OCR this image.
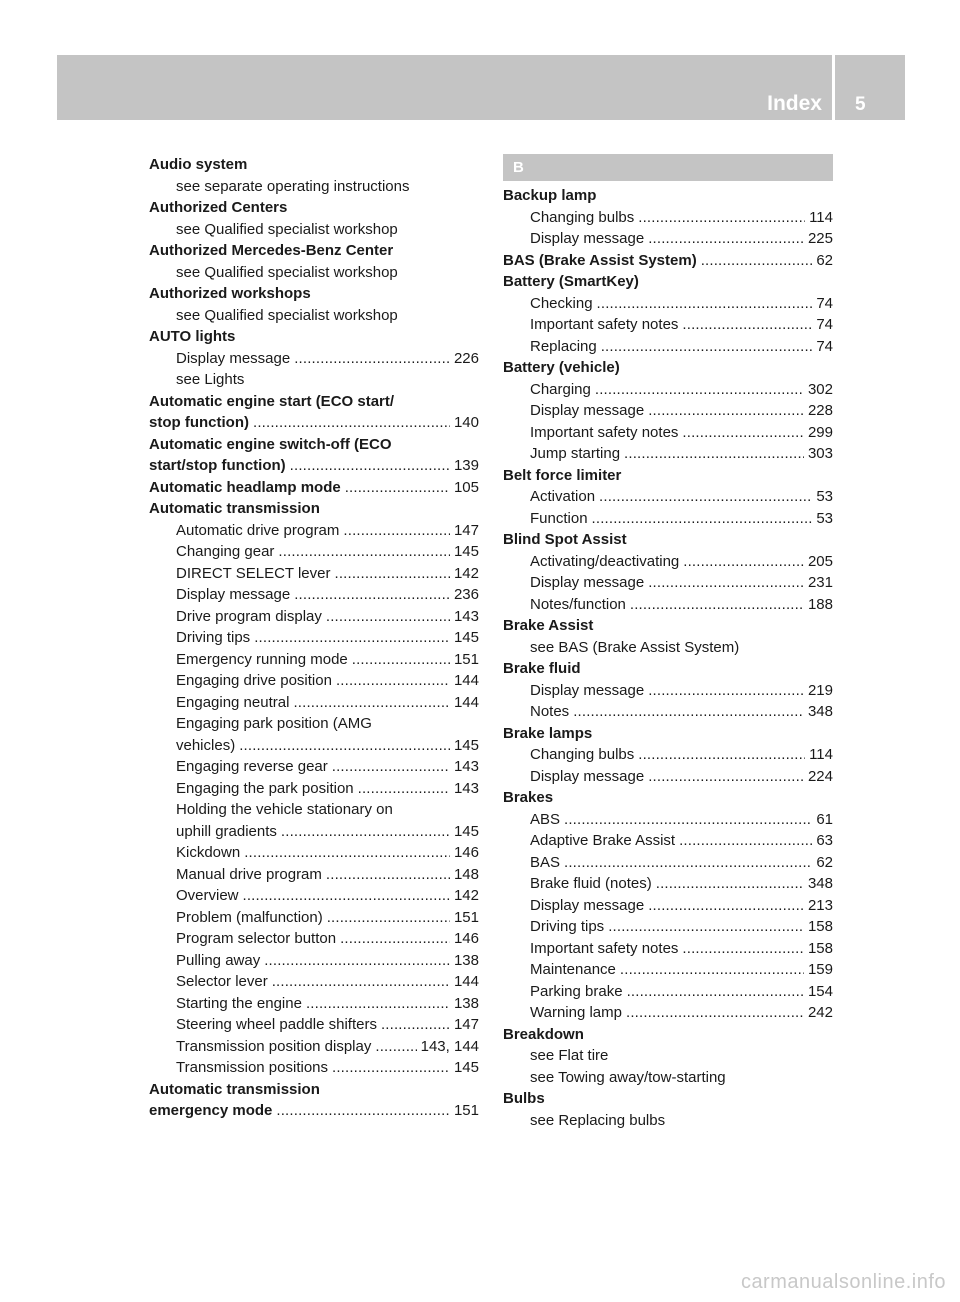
Index 5
Audio system
see separate operating instructions
Authorized Centers
see Qualified specialist workshop
Authorized Mercedes-Benz Center
see Qualified specialist workshop
Authorized workshops
see Qualified specialist workshop
AUTO lights
Display message . . .	226
see Lights
Automatic engine start (ECO start/
stop function) . . .	140
Automatic engine switch-off (ECO
start/stop function) . . .	139
Automatic headlamp mode . . .	105
Automatic transmission
Automatic drive program . . .	147
Changing gear . . .	145
DIRECT SELECT lever . . .	142
Display message . . .	236
Drive program display . . .	143
Driving tips . . .	145
Emergency running mode . . .	151
Engaging drive position . . .	144
Engaging neutral . . .	144
Engaging park position (AMG
vehicles) . . .	145
Engaging reverse gear . . .	143
Engaging the park position . . .	143
Holding the vehicle stationary on
uphill gradients . . .	145
Kickdown . . .	146
Manual drive program . . .	148
Overview . . .	142
Problem (malfunction) . . .	151
Program selector button . . .	146
Pulling away . . .	138
Selector lever . . .	144
Starting the engine . . .	138
Steering wheel paddle shifters . . .	147
Transmission position display . . .	143, 144
Transmission positions . . .	145
Automatic transmission
emergency mode . . .	151
B
Backup lamp
Changing bulbs . . .	114
Display message . . .	225
BAS (Brake Assist System) . . .	62
Battery (SmartKey)
Checking . . .	74
Important safety notes . . .	74
Replacing . . .	74
Battery (vehicle)
Charging . . .	302
Display message . . .	228
Important safety notes . . .	299
Jump starting . . .	303
Belt force limiter
Activation . . .	53
Function . . .	53
Blind Spot Assist
Activating/deactivating . . .	205
Display message . . .	231
Notes/function . . .	188
Brake Assist
see BAS (Brake Assist System)
Brake fluid
Display message . . .	219
Notes . . .	348
Brake lamps
Changing bulbs . . .	114
Display message . . .	224
Brakes
ABS . . .	61
Adaptive Brake Assist . . .	63
BAS . . .	62
Brake fluid (notes) . . .	348
Display message . . .	213
Driving tips . . .	158
Important safety notes . . .	158
Maintenance . . .	159
Parking brake . . .	154
Warning lamp . . .	242
Breakdown
see Flat tire
see Towing away/tow-starting
Bulbs
see Replacing bulbs
carmanualsonline.info
